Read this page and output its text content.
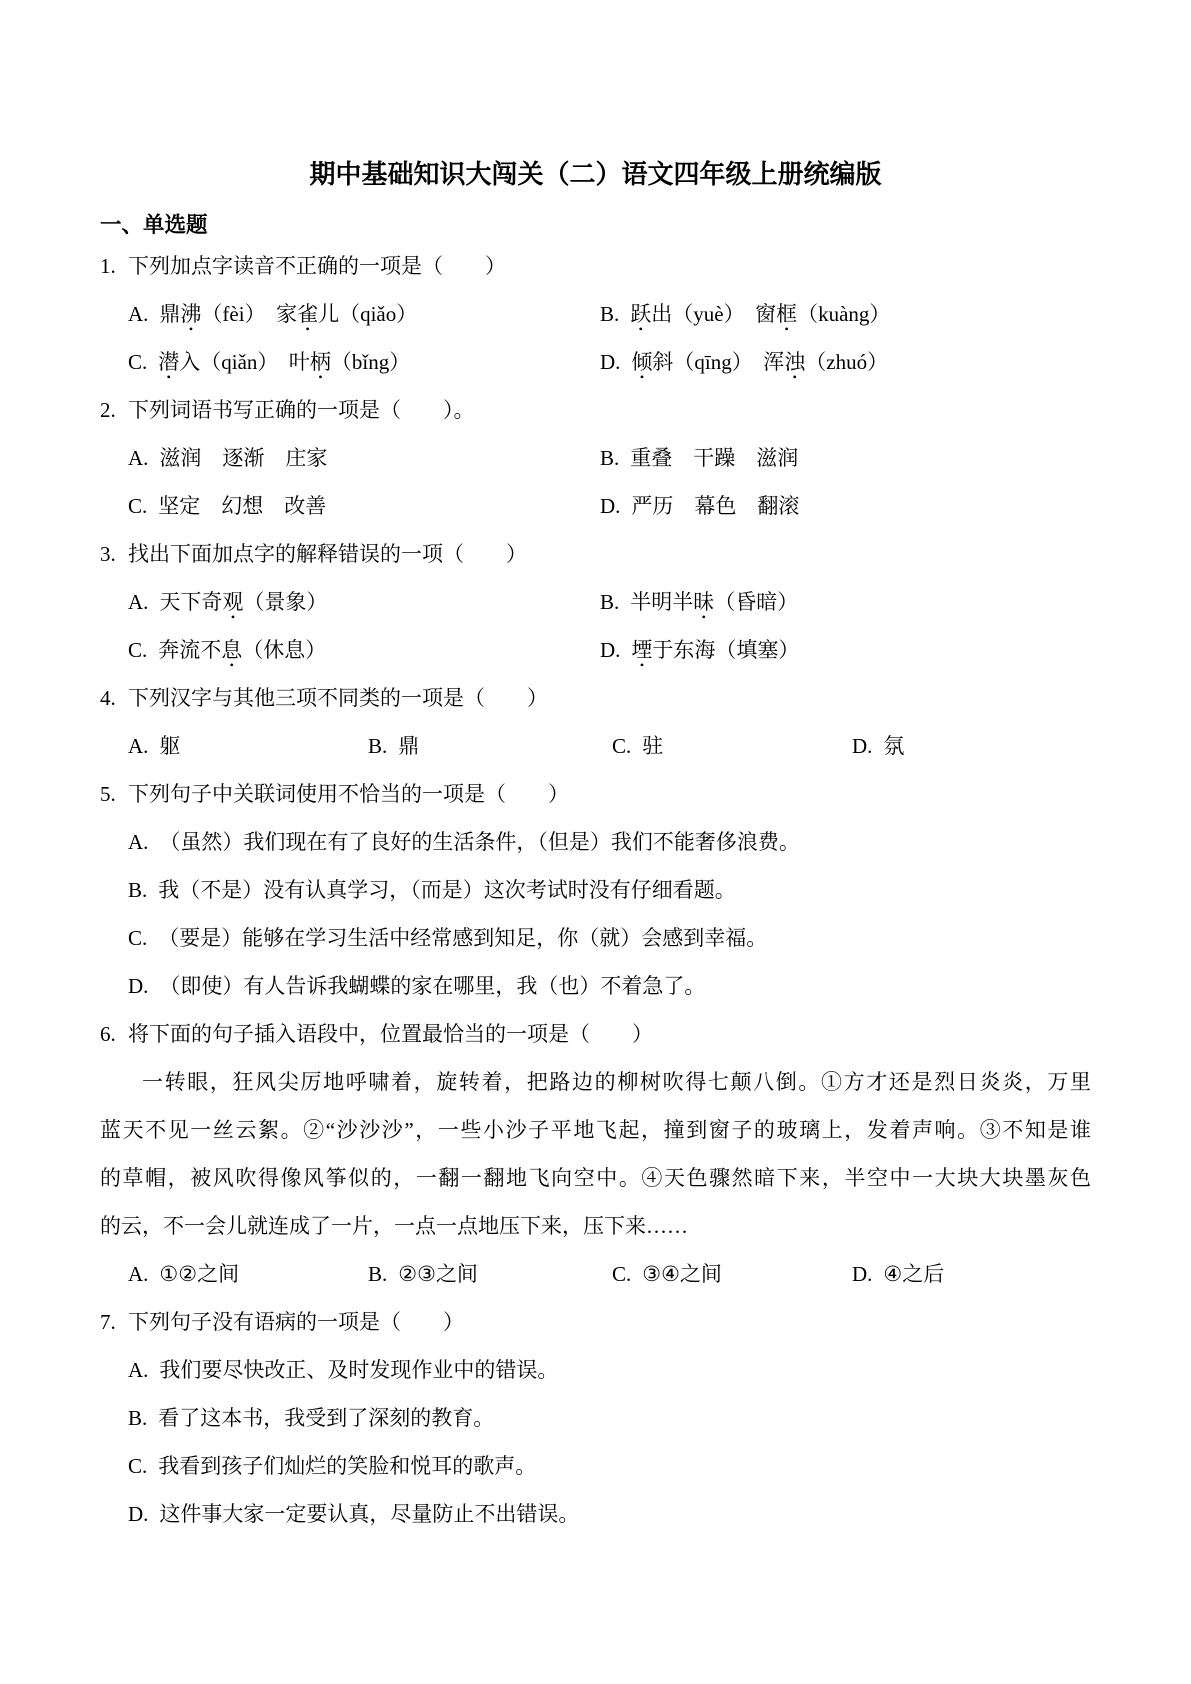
期中基础知识大闯关（二）语文四年级上册统编版
一、单选题
1. 下列加点字读音不正确的一项是（　　）
A. 鼎沸（fèi）　家雀儿（qiǎo）	B. 跃出（yuè）　窗框（kuàng）
C. 潜入（qiǎn）　叶柄（bǐng）	D. 倾斜（qīng）　浑浊（zhuó）
2. 下列词语书写正确的一项是（　　）。
A. 滋润　逐渐　庄家	B. 重叠　干躁　滋润
C. 坚定　幻想　改善	D. 严历　幕色　翻滚
3. 找出下面加点字的解释错误的一项（　　）
A. 天下奇观（景象）	B. 半明半昧（昏暗）
C. 奔流不息（休息）	D. 堙于东海（填塞）
4. 下列汉字与其他三项不同类的一项是（　　）
A. 躯	B. 鼎	C. 驻	D. 氛
5. 下列句子中关联词使用不恰当的一项是（　　）
A. （虽然）我们现在有了良好的生活条件，（但是）我们不能奢侈浪费。
B. 我（不是）没有认真学习，（而是）这次考试时没有仔细看题。
C. （要是）能够在学习生活中经常感到知足，你（就）会感到幸福。
D. （即使）有人告诉我蝴蝶的家在哪里，我（也）不着急了。
6. 将下面的句子插入语段中，位置最恰当的一项是（　　）
一转眼，狂风尖厉地呼啸着，旋转着，把路边的柳树吹得七颠八倒。①方才还是烈日炎炎，万里
蓝天不见一丝云絮。②“沙沙沙”，一些小沙子平地飞起，撞到窗子的玻璃上，发着声响。③不知是谁
的草帽，被风吹得像风筝似的，一翻一翻地飞向空中。④天色骤然暗下来，半空中一大块大块墨灰色
的云，不一会儿就连成了一片，一点一点地压下来，压下来……
A. ①②之间	B. ②③之间	C. ③④之间	D. ④之后
7. 下列句子没有语病的一项是（　　）
A. 我们要尽快改正、及时发现作业中的错误。
B. 看了这本书，我受到了深刻的教育。
C. 我看到孩子们灿烂的笑脸和悦耳的歌声。
D. 这件事大家一定要认真，尽量防止不出错误。
